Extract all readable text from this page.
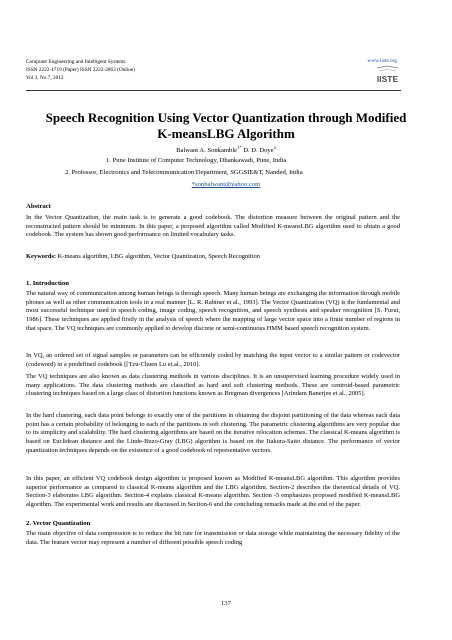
Computer Engineering and Intelligent Systems
ISSN 2222-1719 (Paper) ISSN 2222-2863 (Online)
Vol 3, No.7, 2012
www.iiste.org
IISTE
Speech Recognition Using Vector Quantization through Modified
K-meansLBG Algorithm
Balwant A. Sonkamble$^{1*}$ D. D. Doye$^2$
1. Pune Institute of Computer Technology, Dhankawadi, Pune, India
2. Professor, Electronics and Telecommunication Department, SGGSIE&T, Nanded, India
*sonbalwant@yahoo.com
Abstract
In the Vector Quantization, the main task is to generate a good codebook. The distortion measure between the original pattern and the reconstructed pattern should be minimum. In this paper, a proposed algorithm called Modified K-meansLBG algorithm used to obtain a good codebook. The system has shown good performance on limited vocabulary tasks.
Keywords: K-means algorithm, LBG algorithm, Vector Quantization, Speech Recognition
1. Introduction
The natural way of communication among human beings is through speech. Many human beings are exchanging the information through mobile phones as well as other communication tools in a real manner [L. R. Rabiner et al., 1993]. The Vector Quantization (VQ) is the fundamental and most successful technique used in speech coding, image coding, speech recognition, and speech synthesis and speaker recognition [S. Furui, 1986]. These techniques are applied firstly in the analysis of speech where the mapping of large vector space into a finite number of regions in that space. The VQ techniques are commonly applied to develop discrete or semi-continuous HMM based speech recognition system.
In VQ, an ordered set of signal samples or parameters can be efficiently coded by matching the input vector to a similar pattern or codevector (codeword) in a predefined codebook [[Tzu-Chuen Lu et.al., 2010].
The VQ techniques are also known as data clustering methods in various disciplines. It is an unsupervised learning procedure widely used in many applications. The data clustering methods are classified as hard and soft clustering methods. These are centroid-based parametric clustering techniques based on a large class of distortion functions known as Bregman divergences [Arindam Banerjee et al., 2005].
In the hard clustering, each data point belongs to exactly one of the partitions in obtaining the disjoint partitioning of the data whereas each data point has a certain probability of belonging to each of the partitions in soft clustering. The parametric clustering algorithms are very popular due to its simplicity and scalability. The hard clustering algorithms are based on the iterative relocation schemes. The classical K-means algorithm is based on Euclidean distance and the Linde-Buzo-Gray (LBG) algorithm is based on the Itakura-Saito distance. The performance of vector quantization techniques depends on the existence of a good codebook of representative vectors.
In this paper, an efficient VQ codebook design algorithm is proposed known as Modified K-meansLBG algorithm. This algorithm provides superior performance as compared to classical K-means algorithm and the LBG algorithm. Section-2 describes the theoretical details of VQ. Section-3 elaborates LBG algorithm. Section-4 explains classical K-means algorithm. Section -5 emphasizes proposed modified K-meansLBG algorithm. The experimental work and results are discussed in Section-6 and the concluding remarks made at the end of the paper.
2. Vector Quantization
The main objective of data compression is to reduce the bit rate for transmission or data storage while maintaining the necessary fidelity of the data. The feature vector may represent a number of different possible speech coding
137
